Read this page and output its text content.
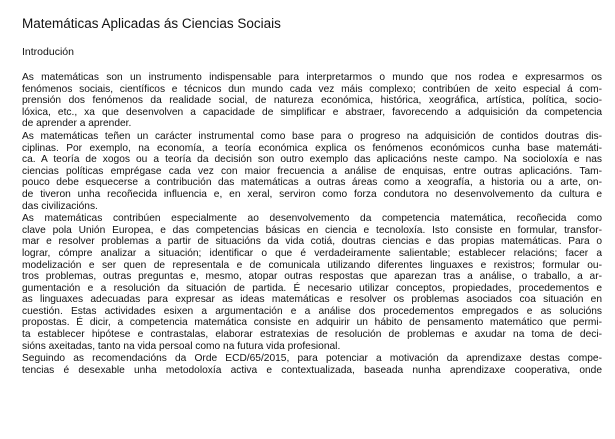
Matemáticas Aplicadas ás Ciencias Sociais
Introdución
As matemáticas son un instrumento indispensable para interpretarmos o mundo que nos rodea e expresarmos os
fenómenos sociais, científicos e técnicos dun mundo cada vez máis complexo; contribúen de xeito especial á com-
prensión dos fenómenos da realidade social, de natureza económica, histórica, xeográfica, artística, política, socio-
lóxica, etc., xa que desenvolven a capacidade de simplificar e abstraer, favorecendo a adquisición da competencia
de aprender a aprender.
As matemáticas teñen un carácter instrumental como base para o progreso na adquisición de contidos doutras dis-
ciplinas. Por exemplo, na economía, a teoría económica explica os fenómenos económicos cunha base matemáti-
ca. A teoría de xogos ou a teoría da decisión son outro exemplo das aplicacións neste campo. Na socioloxía e nas
ciencias políticas emprégase cada vez con maior frecuencia a análise de enquisas, entre outras aplicacións. Tam-
pouco debe esquecerse a contribución das matemáticas a outras áreas como a xeografía, a historia ou a arte, on-
de tiveron unha recoñecida influencia e, en xeral, serviron como forza condutora no desenvolvemento da cultura e
das civilizacións.
As matemáticas contribúen especialmente ao desenvolvemento da competencia matemática, recoñecida como
clave pola Unión Europea, e das competencias básicas en ciencia e tecnoloxía. Isto consiste en formular, transfor-
mar e resolver problemas a partir de situacións da vida cotiá, doutras ciencias e das propias matemáticas. Para o
lograr, cómpre analizar a situación; identificar o que é verdadeiramente salientable; establecer relacións; facer a
modelización e ser quen de representala e de comunicala utilizando diferentes linguaxes e rexistros; formular ou-
tros problemas, outras preguntas e, mesmo, atopar outras respostas que aparezan tras a análise, o traballo, a ar-
gumentación e a resolución da situación de partida. É necesario utilizar conceptos, propiedades, procedementos e
as linguaxes adecuadas para expresar as ideas matemáticas e resolver os problemas asociados coa situación en
cuestión. Estas actividades esixen a argumentación e a análise dos procedementos empregados e as solucións
propostas. É dicir, a competencia matemática consiste en adquirir un hábito de pensamento matemático que permi-
ta establecer hipótese e contrastalas, elaborar estratexias de resolución de problemas e axudar na toma de deci-
sións axeitadas, tanto na vida persoal como na futura vida profesional.
Seguindo as recomendacións da Orde ECD/65/2015, para potenciar a motivación da aprendizaxe destas compe-
tencias é desexable unha metodoloxía activa e contextualizada, baseada nunha aprendizaxe cooperativa, onde
